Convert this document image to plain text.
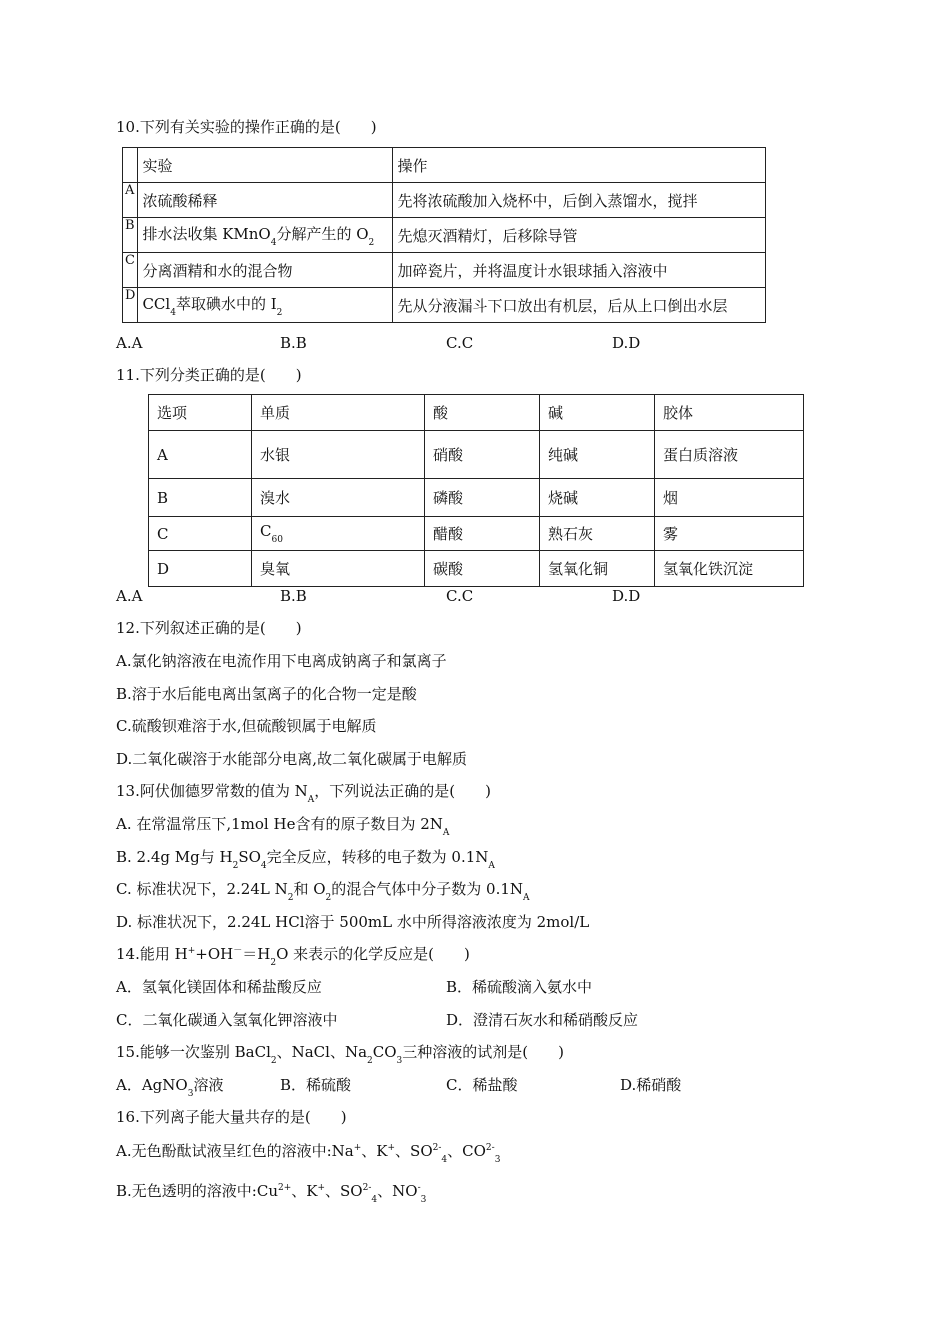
10.下列有关实验的操作正确的是(　　)
	实验	操作
A	浓硫酸稀释	先将浓硫酸加入烧杯中，后倒入蒸馏水，搅拌
B	排水法收集 KMnO$_4$分解产生的 $O_2$	先熄灭酒精灯，后移除导管
C	分离酒精和水的混合物	加碎瓷片，并将温度计水银球插入溶液中
D	CCl$_4$萃取碘水中的 $I_2$	先从分液漏斗下口放出有机层，后从上口倒出水层
A.A	B.B	C.C	D.D
11.下列分类正确的是(　　)
选项	单质	酸	碱	胶体
A	水银	硝酸	纯碱	蛋白质溶液
B	溴水	磷酸	烧碱	烟
C	$C_{60}$	醋酸	熟石灰	雾
D	臭氧	碳酸	氢氧化铜	氢氧化铁沉淀
A.A	B.B	C.C	D.D
12.下列叙述正确的是(　　)
A.氯化钠溶液在电流作用下电离成钠离子和氯离子
B.溶于水后能电离出氢离子的化合物一定是酸
C.硫酸钡难溶于水,但硫酸钡属于电解质
D.二氧化碳溶于水能部分电离,故二氧化碳属于电解质
13.阿伏伽德罗常数的值为 $N_A$，下列说法正确的是(　　)
A. 在常温常压下,1mol He含有的原子数目为 $2N_A$
B. 2.4g Mg与 $H_2SO_4$完全反应，转移的电子数为 $0.1N_A$
C. 标准状况下，2.24L $N_2$和 $O_2$的混合气体中分子数为 $0.1N_A$
D. 标准状况下，2.24L HCl溶于 500mL 水中所得溶液浓度为 2mol/L
14.能用 $H^++OH^-=H_2O$ 来表示的化学反应是(　　)
A．氢氧化镁固体和稀盐酸反应	B．稀硫酸滴入氨水中
C．二氧化碳通入氢氧化钾溶液中	D．澄清石灰水和稀硝酸反应
15.能够一次鉴别 BaCl$_2$、NaCl、$Na_2CO_3$三种溶液的试剂是(　　)
A．AgNO$_3$溶液	B．稀硫酸	C．稀盐酸	D.稀硝酸
16.下列离子能大量共存的是(　　)
A.无色酚酞试液呈红色的溶液中:Na+、K+、$SO^{2-}_4$、$CO^{2-}_3$
B.无色透明的溶液中$:Cu^{2+}$、K+、$SO^{2-}_4$、$NO^-_3$
